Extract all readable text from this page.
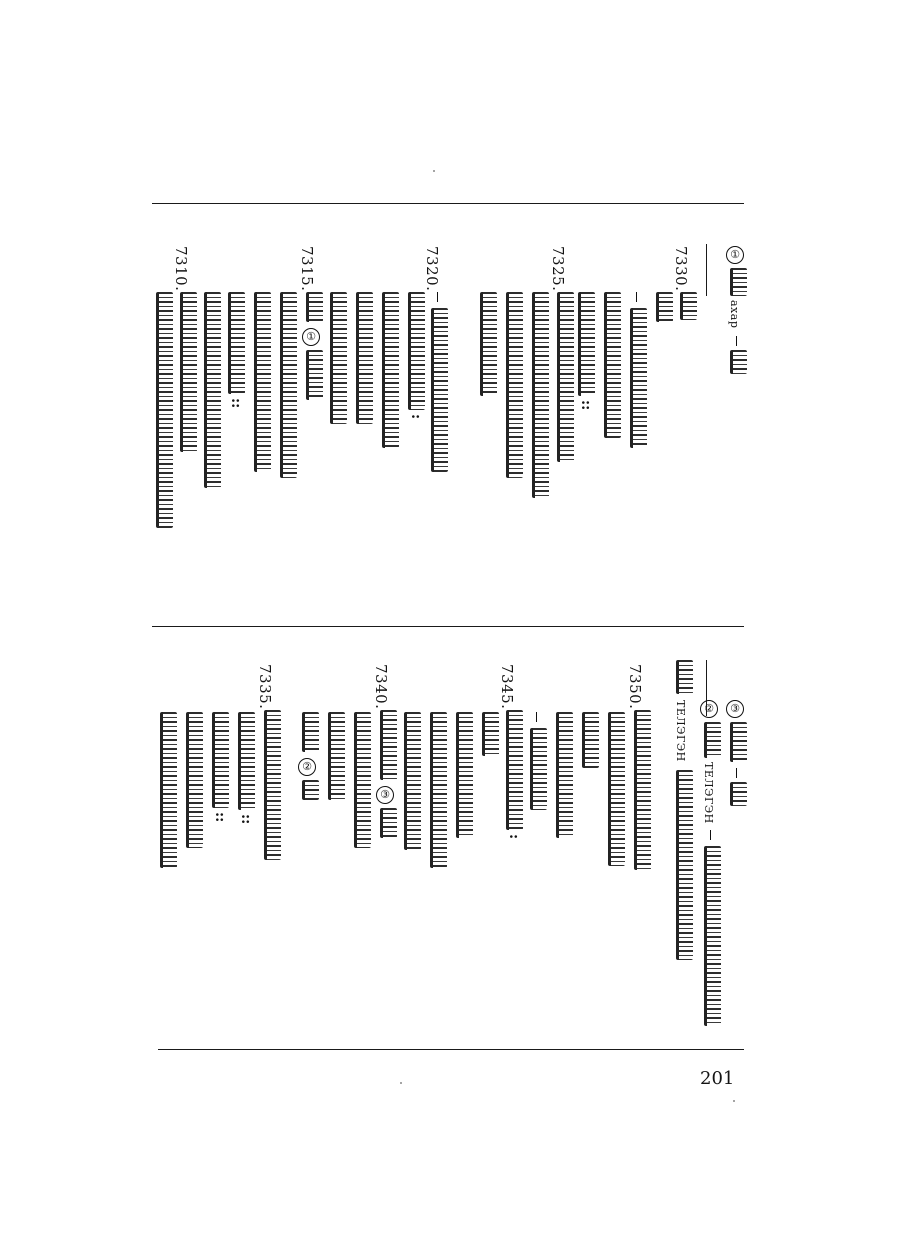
①
axap
7330.
::
7325.
7320.
:
7315.
①
::
7310.
③
②
TEЛЭГЭН
TEЛЭГЭН
7350.
7345.
:
7340.
③
②
7335.
::
::
201
